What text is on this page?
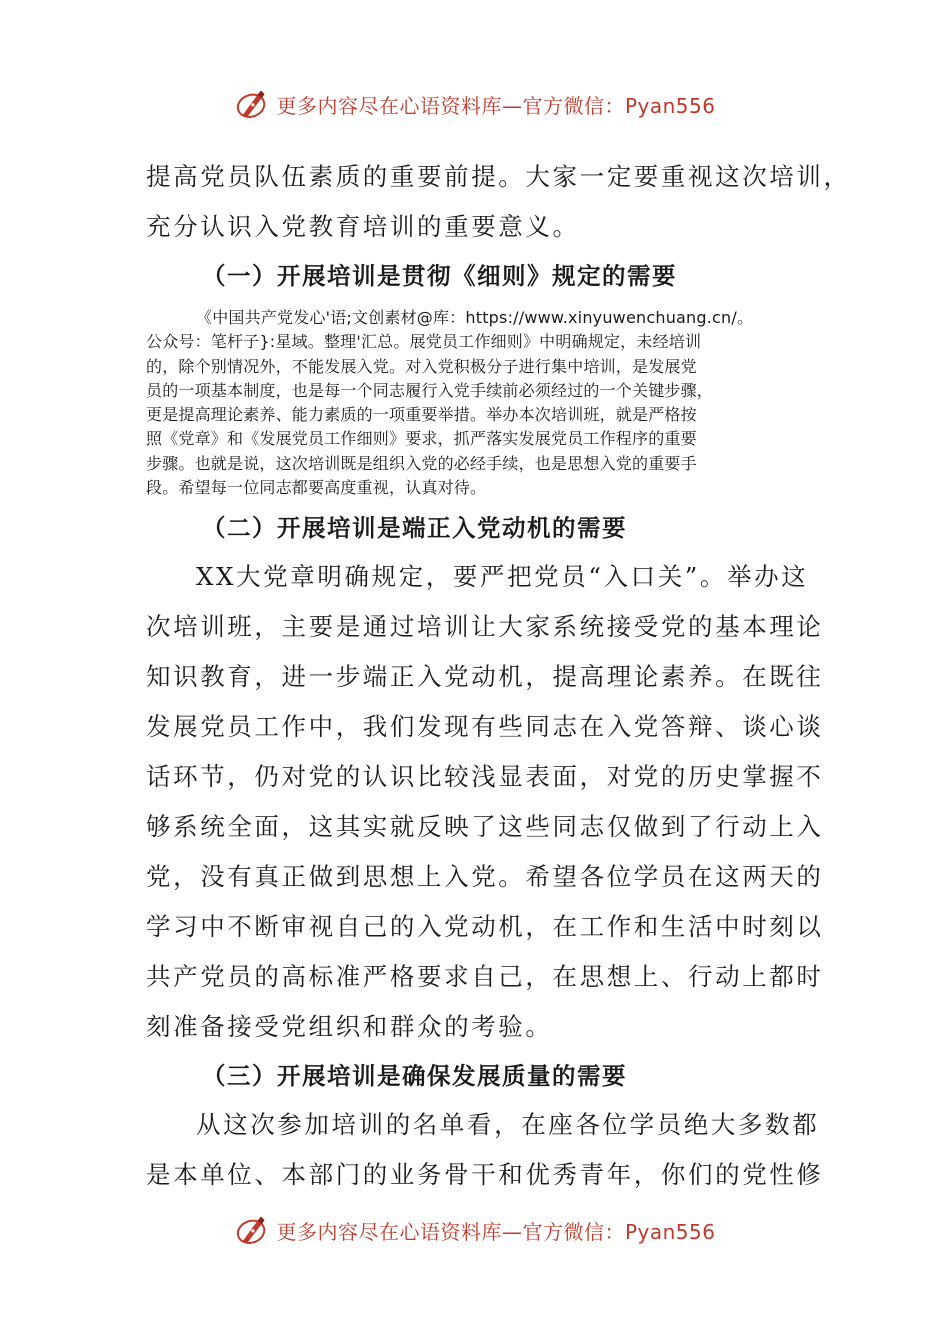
更多内容尽在心语资料库—官方微信：Pyan556

提高党员队伍素质的重要前提。大家一定要重视这次培训，

充分认识入党教育培训的重要意义。

（一）开展培训是贯彻《细则》规定的需要
《中国共产党发心'语;文创素材@库：https://www.xinyuwenchuang.cn/。
公众号：笔杆子}:星域。整理'汇总。展党员工作细则》中明确规定，未经培训
的，除个别情况外，不能发展入党。对入党积极分子进行集中培训，是发展党
员的一项基本制度，也是每一个同志履行入党手续前必须经过的一个关键步骤，
更是提高理论素养、能力素质的一项重要举措。举办本次培训班，就是严格按
照《党章》和《发展党员工作细则》要求，抓严落实发展党员工作程序的重要
步骤。也就是说，这次培训既是组织入党的必经手续，也是思想入党的重要手
段。希望每一位同志都要高度重视，认真对待。
（二）开展培训是端正入党动机的需要

XX大党章明确规定，要严把党员“入口关”。举办这

次培训班，主要是通过培训让大家系统接受党的基本理论

知识教育，进一步端正入党动机，提高理论素养。在既往

发展党员工作中，我们发现有些同志在入党答辩、谈心谈

话环节，仍对党的认识比较浅显表面，对党的历史掌握不

够系统全面，这其实就反映了这些同志仅做到了行动上入

党，没有真正做到思想上入党。希望各位学员在这两天的

学习中不断审视自己的入党动机，在工作和生活中时刻以

共产党员的高标准严格要求自己，在思想上、行动上都时

刻准备接受党组织和群众的考验。

（三）开展培训是确保发展质量的需要

从这次参加培训的名单看，在座各位学员绝大多数都

是本单位、本部门的业务骨干和优秀青年，你们的党性修

更多内容尽在心语资料库—官方微信：Pyan556
